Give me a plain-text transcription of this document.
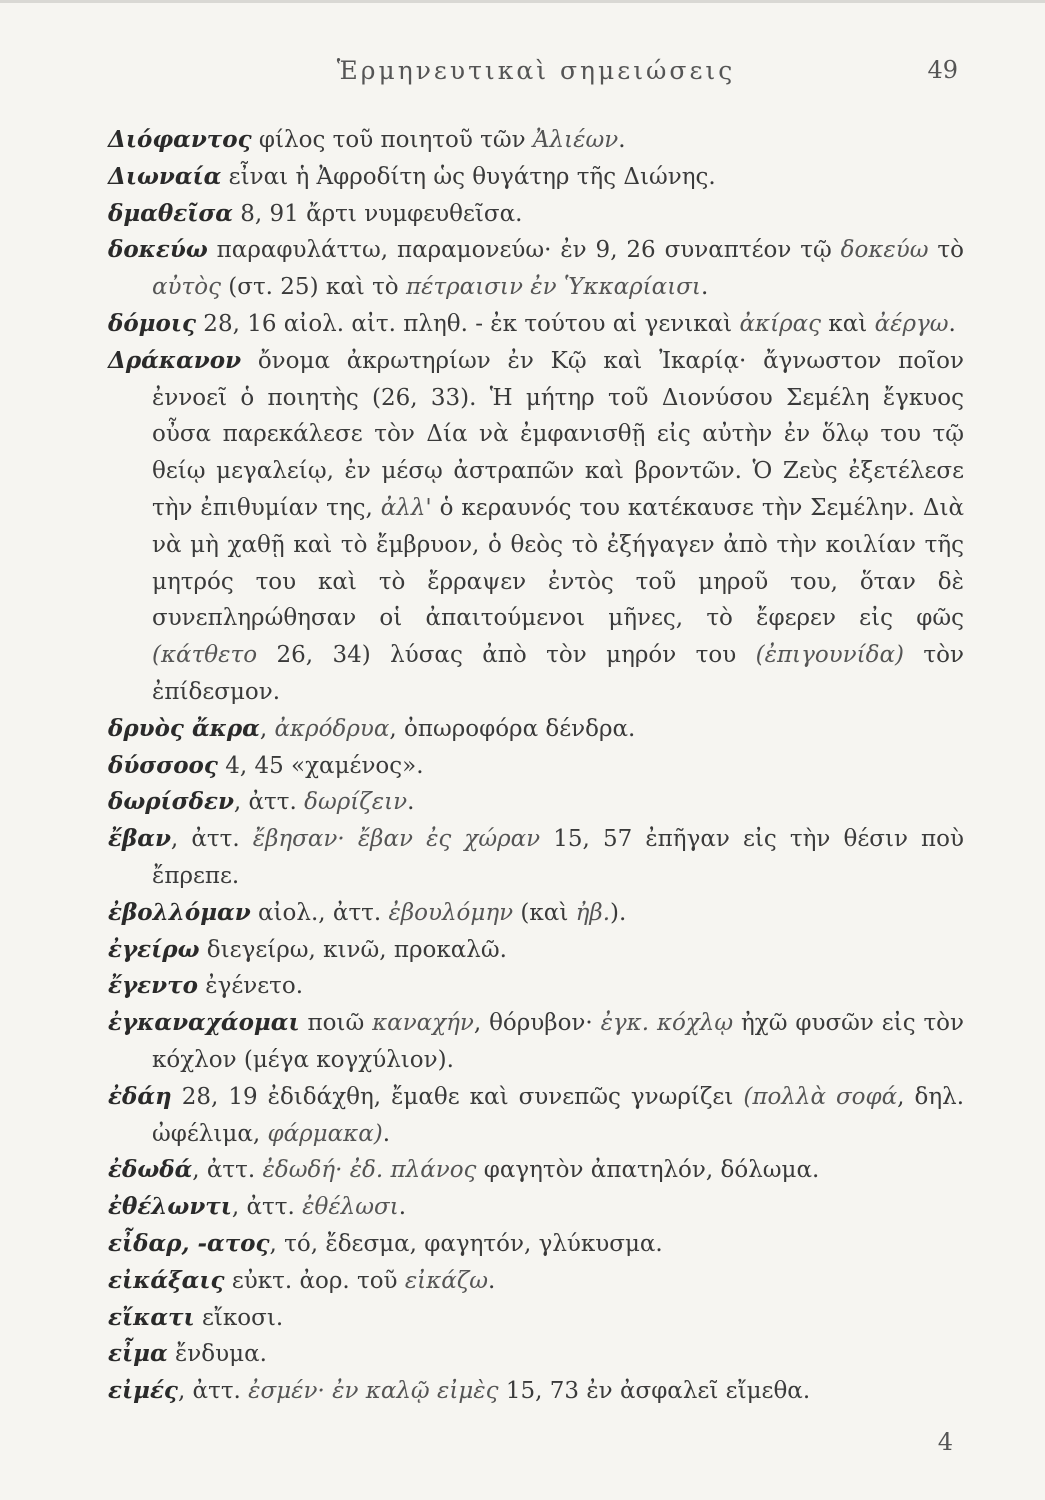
Ἑρμηνευτικαὶ σημειώσεις	49
Διόφαντος φίλος τοῦ ποιητοῦ τῶν Ἀλιέων.
Διωναία εἶναι ἡ Ἀφροδίτη ὡς θυγάτηρ τῆς Διώνης.
δμαθεῖσα 8, 91 ἄρτι νυμφευθεῖσα.
δοκεύω παραφυλάττω, παραμονεύω· ἐν 9, 26 συναπτέον τῷ δοκεύω τὸ αὐτὸς (στ. 25) καὶ τὸ πέτραισιν ἐν Ὑκκαρίαισι.
δόμοις 28, 16 αἰολ. αἰτ. πληθ. - ἐκ τούτου αἱ γενικαὶ ἀκίρας καὶ ἀέργω.
Δράκανον ὄνομα ἀκρωτηρίων ἐν Κῷ καὶ Ἰκαρίᾳ· ἄγνωστον ποῖον ἐννοεῖ ὁ ποιητὴς (26, 33). Ἡ μήτηρ τοῦ Διονύσου Σεμέλη ἔγκυος οὖσα παρεκάλεσε τὸν Δία νὰ ἐμφανισθῇ εἰς αὐτὴν ἐν ὅλῳ του τῷ θείῳ μεγαλείῳ, ἐν μέσῳ ἀστραπῶν καὶ βροντῶν. Ὁ Ζεὺς ἐξετέλεσε τὴν ἐπιθυμίαν της, ἀλλ' ὁ κεραυνός του κατέκαυσε τὴν Σεμέλην. Διὰ νὰ μὴ χαθῇ καὶ τὸ ἔμβρυον, ὁ θεὸς τὸ ἐξήγαγεν ἀπὸ τὴν κοιλίαν τῆς μητρός του καὶ τὸ ἔρραψεν ἐντὸς τοῦ μηροῦ του, ὅταν δὲ συνεπληρώθησαν οἱ ἀπαιτούμενοι μῆνες, τὸ ἔφερεν εἰς φῶς (κάτθετο 26, 34) λύσας ἀπὸ τὸν μηρόν του (ἐπιγουνίδα) τὸν ἐπίδεσμον.
δρυὸς ἄκρα, ἀκρόδρυα, ὀπωροφόρα δένδρα.
δύσσοος 4, 45 «χαμένος».
δωρίσδεν, ἀττ. δωρίζειν.
ἔβαν, ἀττ. ἔβησαν· ἔβαν ἐς χώραν 15, 57 ἐπῆγαν εἰς τὴν θέσιν ποὺ ἔπρεπε.
ἐβολλόμαν αἰολ., ἀττ. ἐβουλόμην (καὶ ἠβ.).
ἐγείρω διεγείρω, κινῶ, προκαλῶ.
ἔγεντο ἐγένετο.
ἐγκαναχάομαι ποιῶ καναχήν, θόρυβον· ἐγκ. κόχλῳ ἠχῶ φυσῶν εἰς τὸν κόχλον (μέγα κογχύλιον).
ἐδάη 28, 19 ἐδιδάχθη, ἔμαθε καὶ συνεπῶς γνωρίζει (πολλὰ σοφά, δηλ. ὠφέλιμα, φάρμακα).
ἐδωδά, ἀττ. ἐδωδή· ἐδ. πλάνος φαγητὸν ἀπατηλόν, δόλωμα.
ἐθέλωντι, ἀττ. ἐθέλωσι.
εἶδαρ, -ατος, τό, ἔδεσμα, φαγητόν, γλύκυσμα.
εἰκάξαις εὐκτ. ἀορ. τοῦ εἰκάζω.
εἴκατι εἴκοσι.
εἶμα ἔνδυμα.
εἰμές, ἀττ. ἐσμέν· ἐν καλῷ εἰμὲς 15, 73 ἐν ἀσφαλεῖ εἴμεθα.
4
